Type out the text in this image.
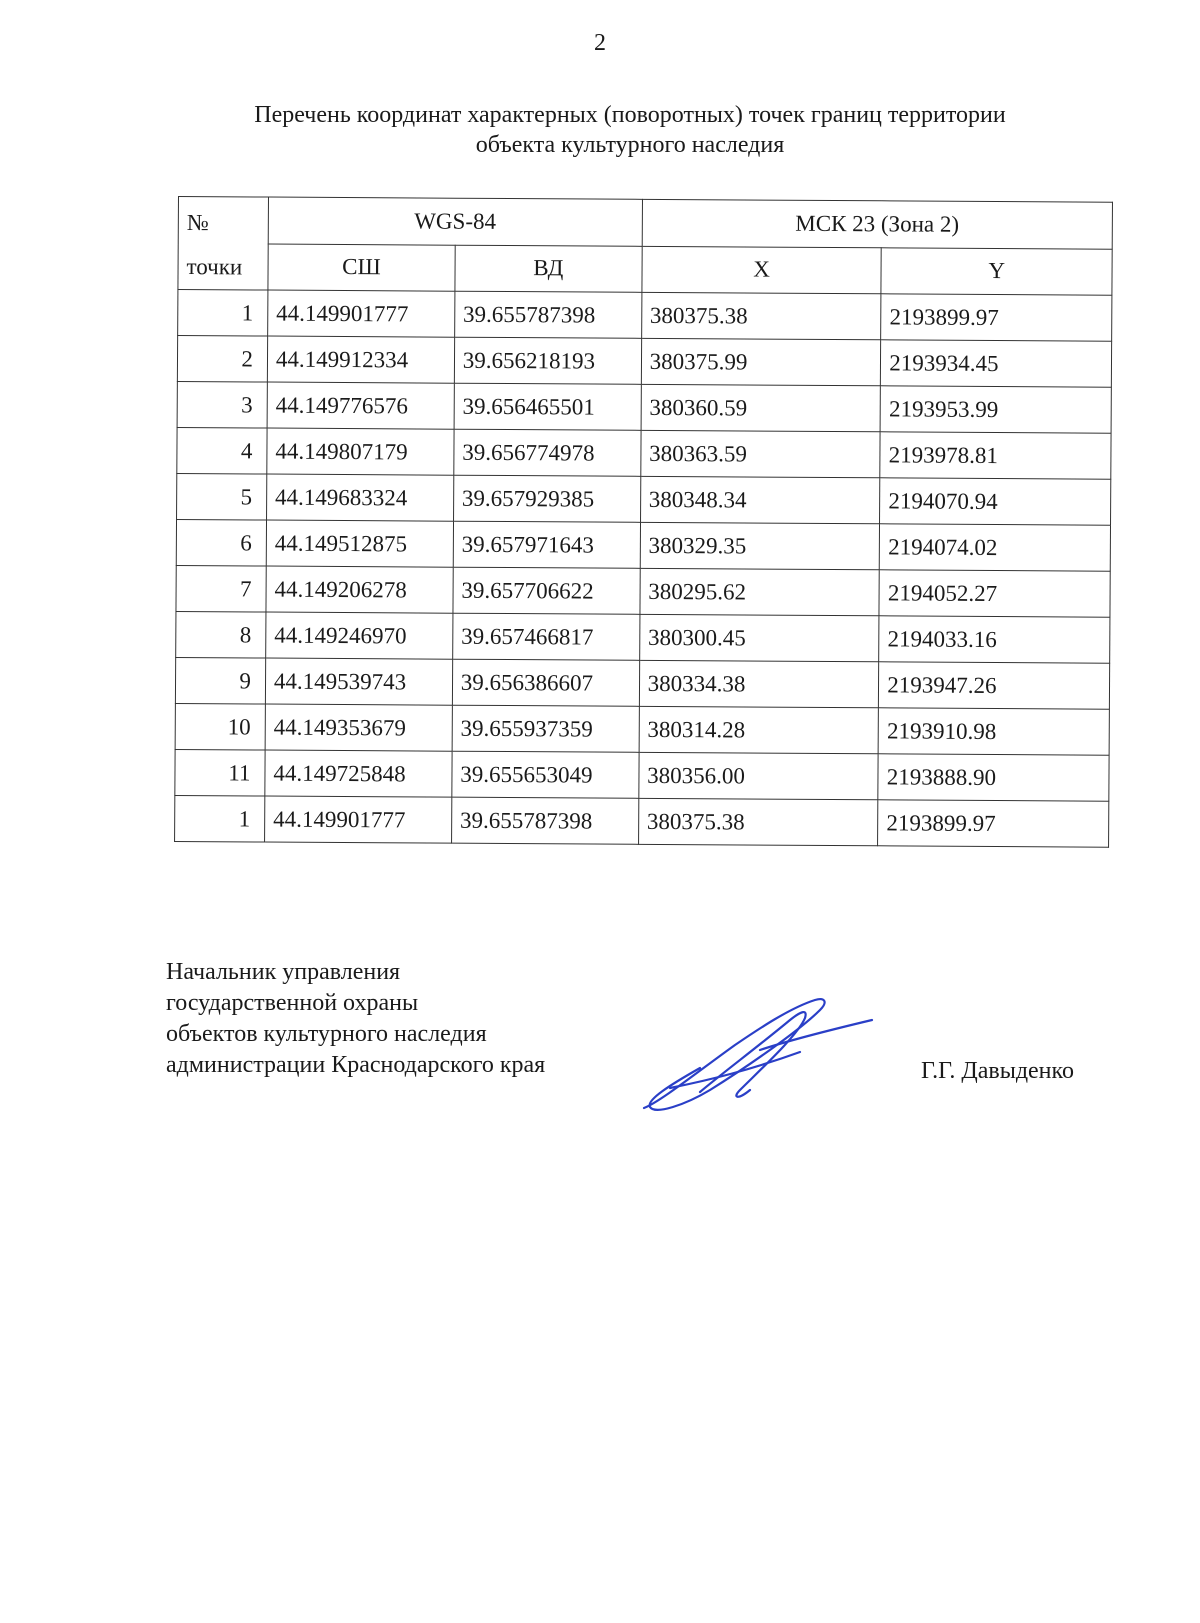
2
Перечень координат характерных (поворотных) точек границ территории
объекта культурного наследия
№
точки	WGS-84		МСК 23 (Зона 2)	
	СШ	ВД	X	Y
1	44.149901777	39.655787398	380375.38	2193899.97
2	44.149912334	39.656218193	380375.99	2193934.45
3	44.149776576	39.656465501	380360.59	2193953.99
4	44.149807179	39.656774978	380363.59	2193978.81
5	44.149683324	39.657929385	380348.34	2194070.94
6	44.149512875	39.657971643	380329.35	2194074.02
7	44.149206278	39.657706622	380295.62	2194052.27
8	44.149246970	39.657466817	380300.45	2194033.16
9	44.149539743	39.656386607	380334.38	2193947.26
10	44.149353679	39.655937359	380314.28	2193910.98
11	44.149725848	39.655653049	380356.00	2193888.90
1	44.149901777	39.655787398	380375.38	2193899.97
Начальник управления
государственной охраны
объектов культурного наследия
администрации Краснодарского края	Г.Г. Давыденко
